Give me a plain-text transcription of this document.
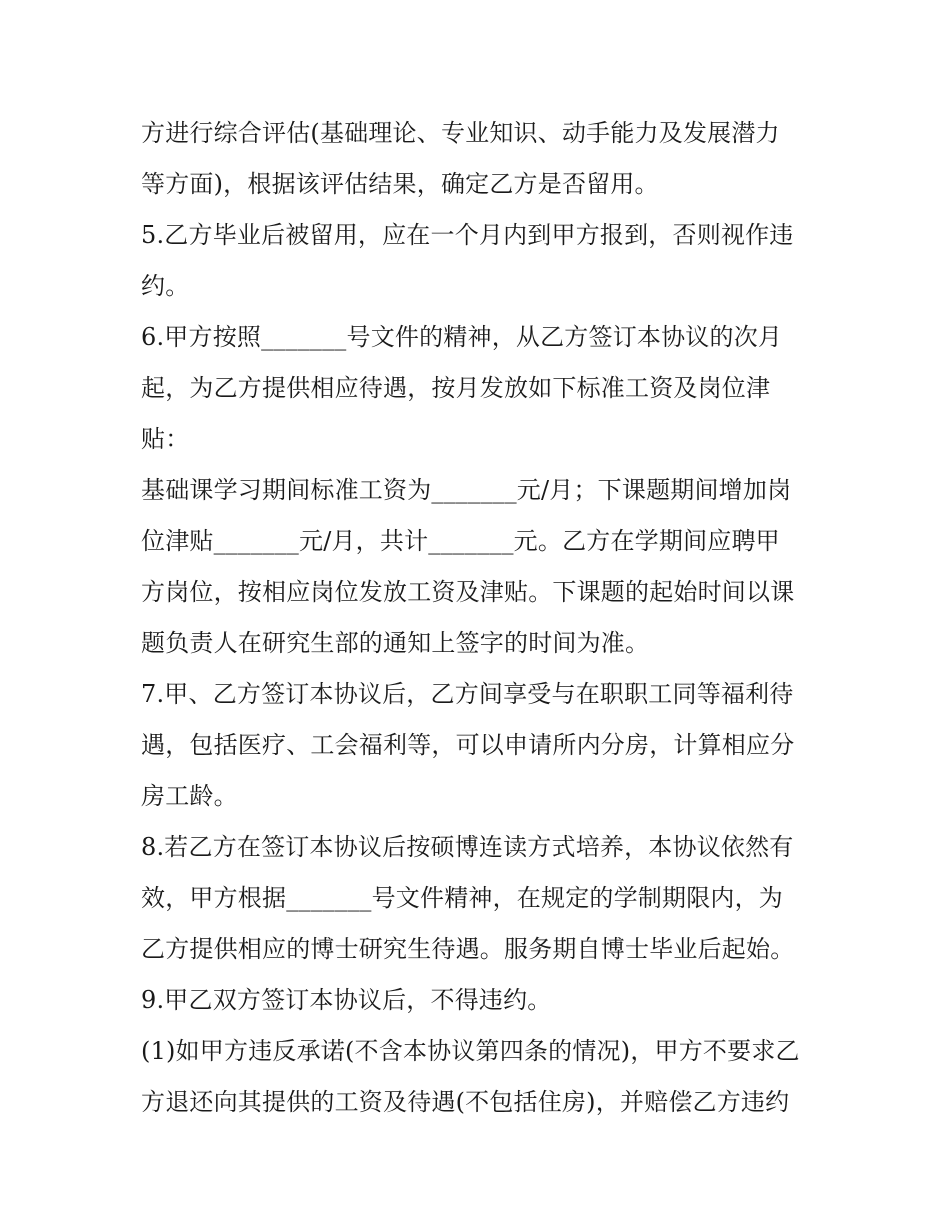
方进行综合评估(基础理论、专业知识、动手能力及发展潜力
等方面)，根据该评估结果，确定乙方是否留用。
5.乙方毕业后被留用，应在一个月内到甲方报到，否则视作违
约。
6.甲方按照_______号文件的精神，从乙方签订本协议的次月
起，为乙方提供相应待遇，按月发放如下标准工资及岗位津
贴：
基础课学习期间标准工资为_______元/月；下课题期间增加岗
位津贴_______元/月，共计_______元。乙方在学期间应聘甲
方岗位，按相应岗位发放工资及津贴。下课题的起始时间以课
题负责人在研究生部的通知上签字的时间为准。
7.甲、乙方签订本协议后，乙方间享受与在职职工同等福利待
遇，包括医疗、工会福利等，可以申请所内分房，计算相应分
房工龄。
8.若乙方在签订本协议后按硕博连读方式培养，本协议依然有
效，甲方根据_______号文件精神，在规定的学制期限内，为
乙方提供相应的博士研究生待遇。服务期自博士毕业后起始。
9.甲乙双方签订本协议后，不得违约。
(1)如甲方违反承诺(不含本协议第四条的情况)，甲方不要求乙
方退还向其提供的工资及待遇(不包括住房)，并赔偿乙方违约
